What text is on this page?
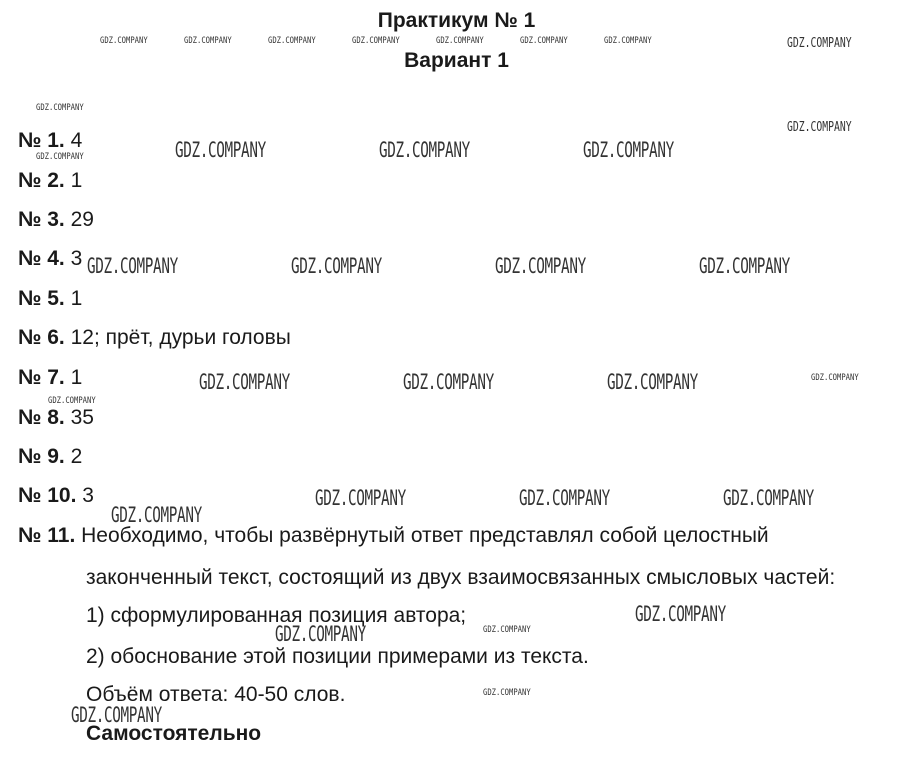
Практикум № 1
Вариант 1
№ 1. 4
№ 2. 1
№ 3. 29
№ 4. 3
№ 5. 1
№ 6. 12; прёт, дурьи головы
№ 7. 1
№ 8. 35
№ 9. 2
№ 10. 3
№ 11. Необходимо, чтобы развёрнутый ответ представлял собой целостный
законченный текст, состоящий из двух взаимосвязанных смысловых частей:
1) сформулированная позиция автора;
2) обоснование этой позиции примерами из текста.
Объём ответа: 40-50 слов.
Самостоятельно
GDZ.COMPANY	GDZ.COMPANY	GDZ.COMPANY	GDZ.COMPANY	GDZ.COMPANY	GDZ.COMPANY	GDZ.COMPANY	GDZ.COMPANY
GDZ.COMPANY
GDZ.COMPANY
GDZ.COMPANY	GDZ.COMPANY	GDZ.COMPANY	GDZ.COMPANY
GDZ.COMPANY	GDZ.COMPANY	GDZ.COMPANY	GDZ.COMPANY
GDZ.COMPANY	GDZ.COMPANY	GDZ.COMPANY	GDZ.COMPANY
GDZ.COMPANY
GDZ.COMPANY	GDZ.COMPANY	GDZ.COMPANY
GDZ.COMPANY
GDZ.COMPANY
GDZ.COMPANY	GDZ.COMPANY
GDZ.COMPANY
GDZ.COMPANY
